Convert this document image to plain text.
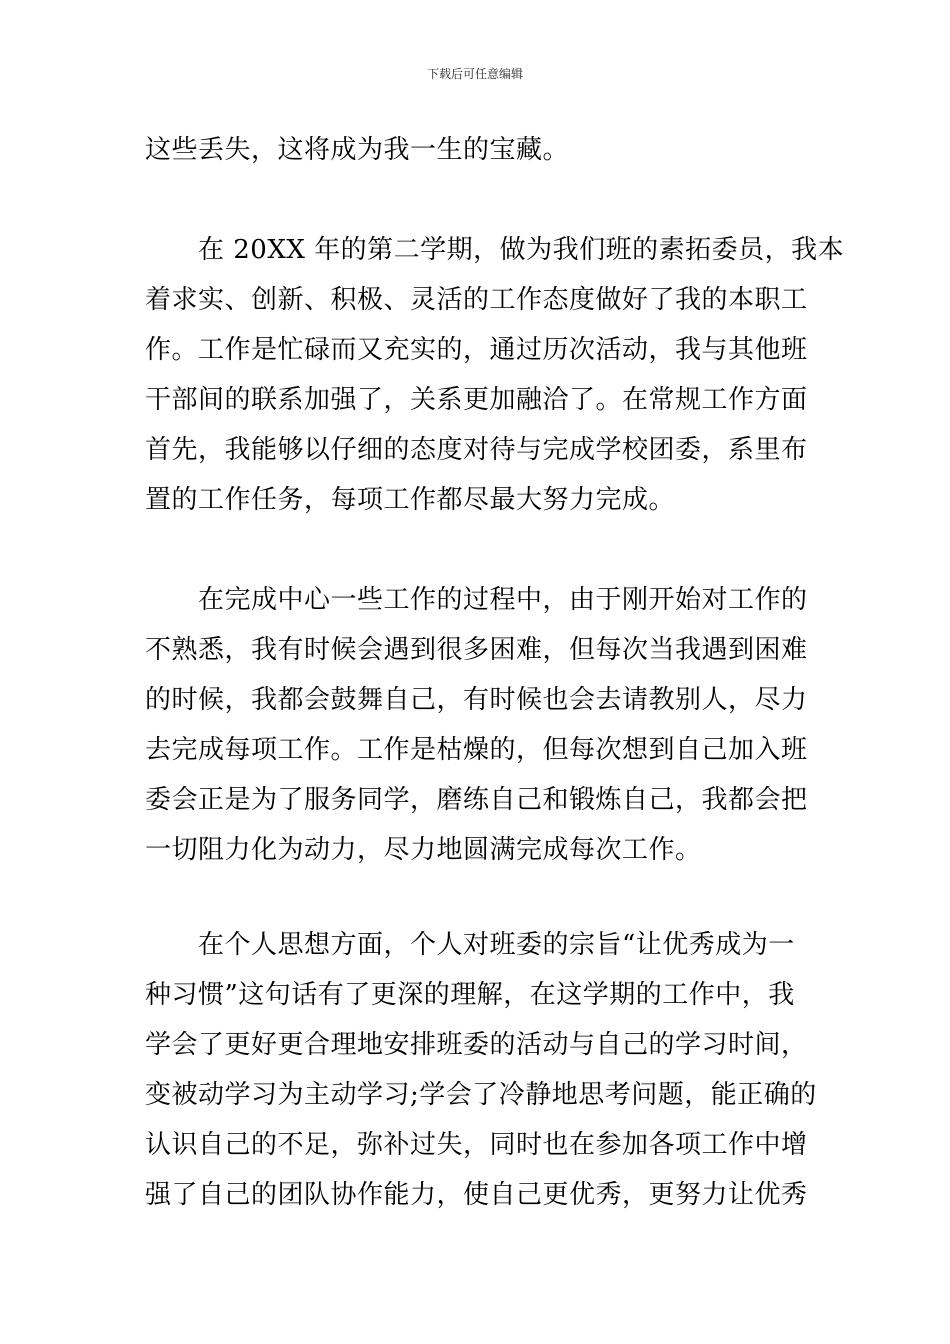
下载后可任意编辑
这些丢失，这将成为我一生的宝藏。
　　在 20XX 年的第二学期，做为我们班的素拓委员，我本
着求实、创新、积极、灵活的工作态度做好了我的本职工
作。工作是忙碌而又充实的，通过历次活动，我与其他班
干部间的联系加强了，关系更加融洽了。在常规工作方面
首先，我能够以仔细的态度对待与完成学校团委，系里布
置的工作任务，每项工作都尽最大努力完成。
　　在完成中心一些工作的过程中，由于刚开始对工作的
不熟悉，我有时候会遇到很多困难，但每次当我遇到困难
的时候，我都会鼓舞自己，有时候也会去请教别人，尽力
去完成每项工作。工作是枯燥的，但每次想到自己加入班
委会正是为了服务同学，磨练自己和锻炼自己，我都会把
一切阻力化为动力，尽力地圆满完成每次工作。
　　在个人思想方面，个人对班委的宗旨“让优秀成为一
种习惯”这句话有了更深的理解，在这学期的工作中，我
学会了更好更合理地安排班委的活动与自己的学习时间，
变被动学习为主动学习;学会了冷静地思考问题，能正确的
认识自己的不足，弥补过失，同时也在参加各项工作中增
强了自己的团队协作能力，使自己更优秀，更努力让优秀
